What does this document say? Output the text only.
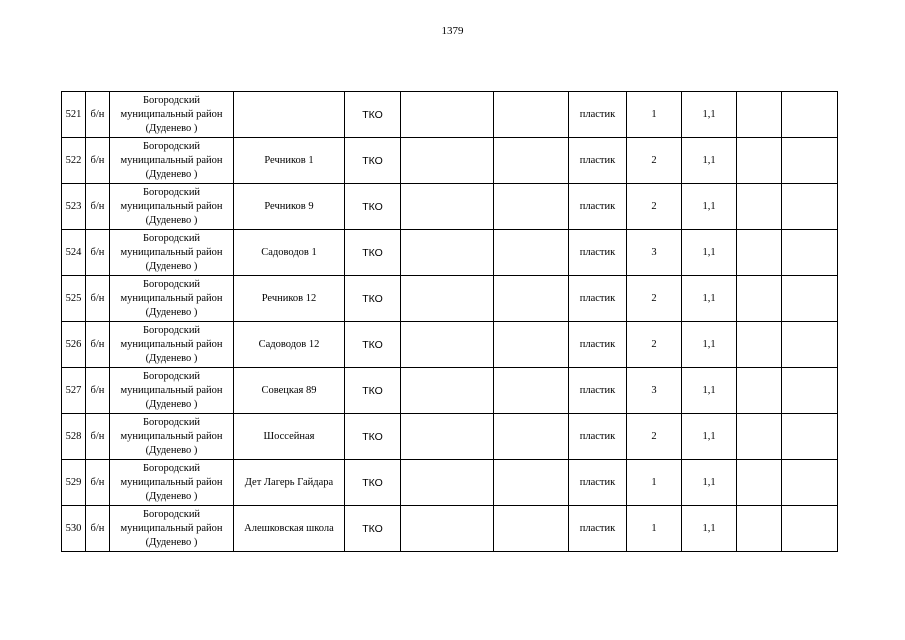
1379
521	б/н	Богородский
муниципальный район
(Дуденево )		ТКО			пластик	1	1,1		
522	б/н	Богородский
муниципальный район
(Дуденево )	Речников 1	ТКО			пластик	2	1,1		
523	б/н	Богородский
муниципальный район
(Дуденево )	Речников 9	ТКО			пластик	2	1,1		
524	б/н	Богородский
муниципальный район
(Дуденево )	Садоводов 1	ТКО			пластик	3	1,1		
525	б/н	Богородский
муниципальный район
(Дуденево )	Речников 12	ТКО			пластик	2	1,1		
526	б/н	Богородский
муниципальный район
(Дуденево )	Садоводов 12	ТКО			пластик	2	1,1		
527	б/н	Богородский
муниципальный район
(Дуденево )	Совецкая 89	ТКО			пластик	3	1,1		
528	б/н	Богородский
муниципальный район
(Дуденево )	Шоссейная	ТКО			пластик	2	1,1		
529	б/н	Богородский
муниципальный район
(Дуденево )	Дет Лагерь Гайдара	ТКО			пластик	1	1,1		
530	б/н	Богородский
муниципальный район
(Дуденево )	Алешковская школа	ТКО			пластик	1	1,1		
